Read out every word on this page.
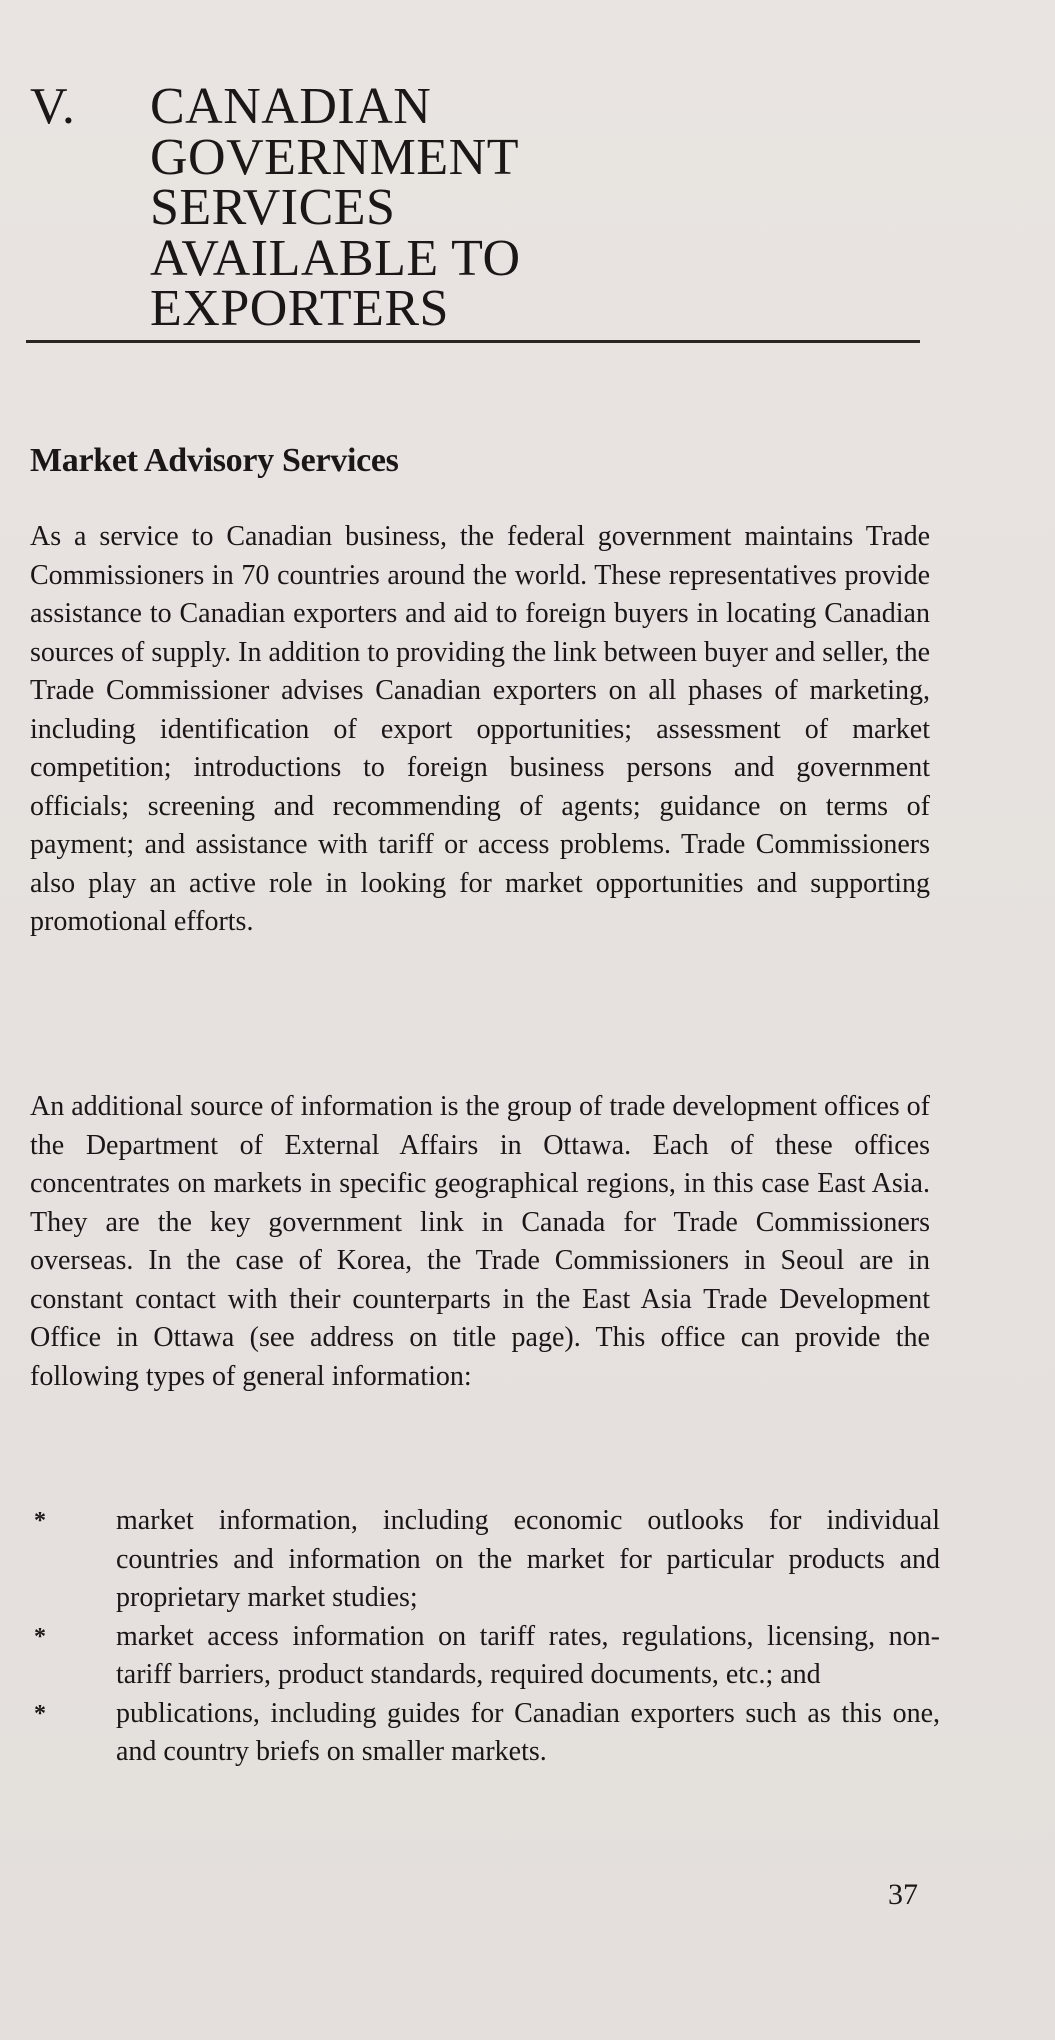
V. CANADIAN
GOVERNMENT
SERVICES
AVAILABLE TO
EXPORTERS
Market Advisory Services

As a service to Canadian business, the federal government maintains Trade Commissioners in 70 countries around the world. These representatives provide assistance to Canadian exporters and aid to foreign buyers in locating Canadian sources of supply. In addition to providing the link between buyer and seller, the Trade Commissioner advises Canadian exporters on all phases of marketing, including identification of export opportunities; assessment of market competition; introductions to foreign business persons and government officials; screening and recommending of agents; guidance on terms of payment; and assistance with tariff or access problems. Trade Commissioners also play an active role in looking for market opportunities and supporting promotional efforts.

An additional source of information is the group of trade development offices of the Department of External Affairs in Ottawa. Each of these offices concentrates on markets in specific geographical regions, in this case East Asia. They are the key government link in Canada for Trade Commissioners overseas. In the case of Korea, the Trade Commissioners in Seoul are in constant contact with their counterparts in the East Asia Trade Development Office in Ottawa (see address on title page). This office can provide the following types of general information:

*	market information, including economic outlooks for individual countries and information on the market for particular products and proprietary market studies;
*	market access information on tariff rates, regulations, licensing, non-tariff barriers, product standards, required documents, etc.; and
*	publications, including guides for Canadian exporters such as this one, and country briefs on smaller markets.
37
